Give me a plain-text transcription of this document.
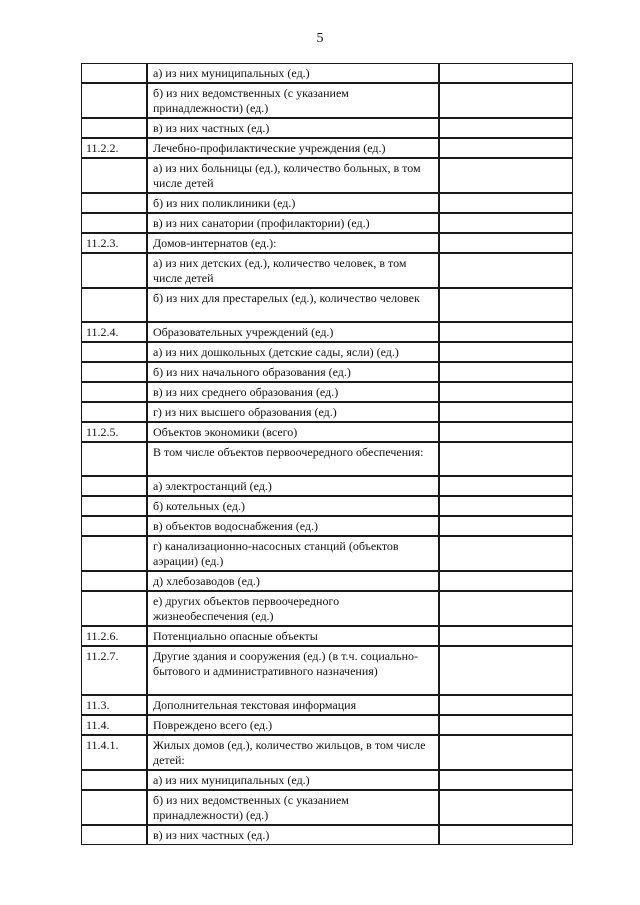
5
	а) из них муниципальных (ед.)	
	б) из них ведомственных (с указанием принадлежности) (ед.)	
	в) из них частных (ед.)	
11.2.2.	Лечебно-профилактические учреждения (ед.)	
	а) из них больницы (ед.), количество больных, в том числе детей	
	б) из них поликлиники (ед.)	
	в) из них санатории (профилактории) (ед.)	
11.2.3.	Домов-интернатов (ед.):	
	а) из них детских (ед.), количество человек, в том числе детей	
	б) из них для престарелых (ед.), количество человек	
11.2.4.	Образовательных учреждений (ед.)	
	а) из них дошкольных (детские сады, ясли) (ед.)	
	б) из них начального образования (ед.)	
	в) из них среднего образования (ед.)	
	г) из них высшего образования (ед.)	
11.2.5.	Объектов экономики (всего)	
	В том числе объектов первоочередного обеспечения:	
	а) электростанций (ед.)	
	б) котельных (ед.)	
	в) объектов водоснабжения (ед.)	
	г) канализационно-насосных станций (объектов аэрации) (ед.)	
	д) хлебозаводов (ед.)	
	е) других объектов первоочередного жизнеобеспечения (ед.)	
11.2.6.	Потенциально опасные объекты	
11.2.7.	Другие здания и сооружения (ед.) (в т.ч. социально-бытового и административного назначения)	
11.3.	Дополнительная текстовая информация	
11.4.	Повреждено всего (ед.)	
11.4.1.	Жилых домов (ед.), количество жильцов, в том числе детей:	
	а) из них муниципальных (ед.)	
	б) из них ведомственных (с указанием принадлежности) (ед.)	
	в) из них частных (ед.)	
